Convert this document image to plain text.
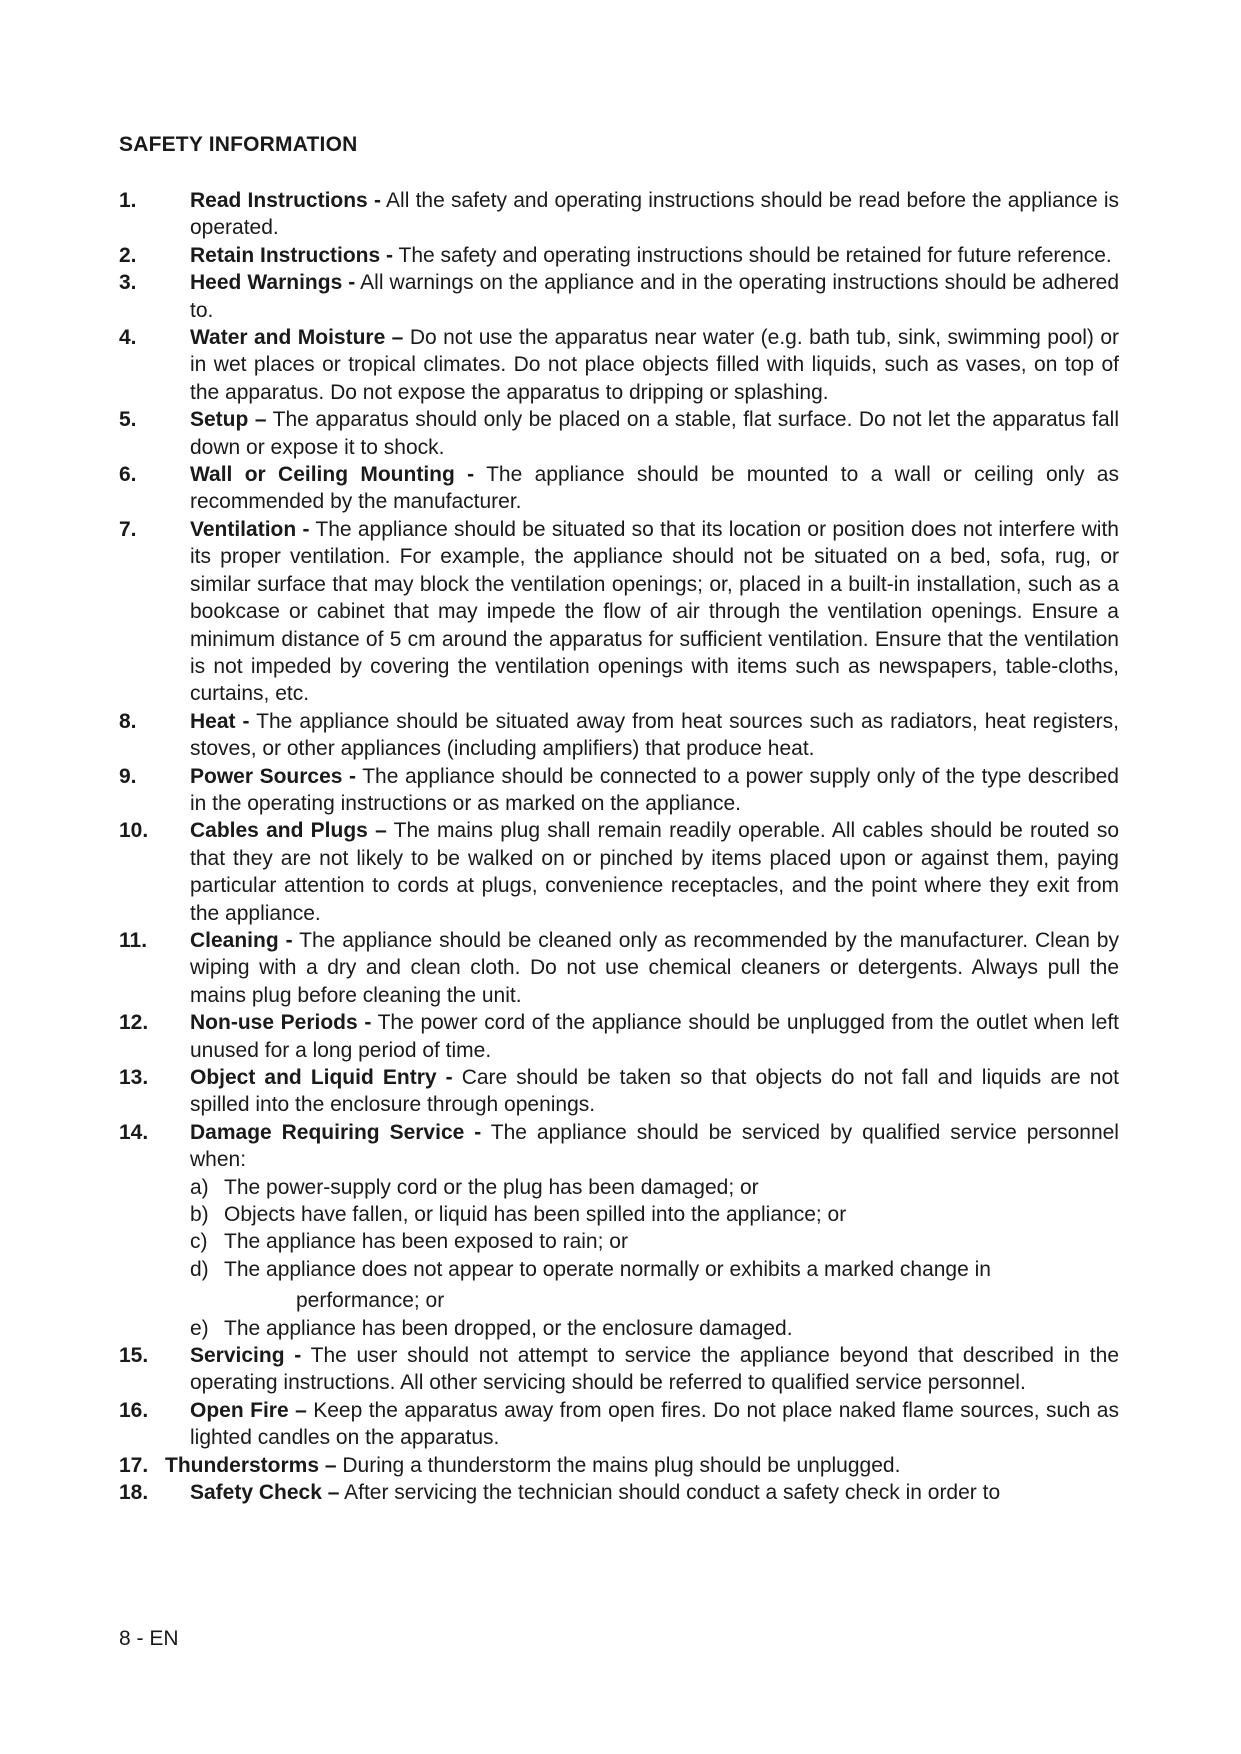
SAFETY INFORMATION
1.	Read Instructions - All the safety and operating instructions should be read before the appliance is operated.
2.	Retain Instructions - The safety and operating instructions should be retained for future reference.
3.	Heed Warnings - All warnings on the appliance and in the operating instructions should be adhered to.
4.	Water and Moisture – Do not use the apparatus near water (e.g. bath tub, sink, swimming pool) or in wet places or tropical climates. Do not place objects filled with liquids, such as vases, on top of the apparatus. Do not expose the apparatus to dripping or splashing.
5.	Setup – The apparatus should only be placed on a stable, flat surface. Do not let the apparatus fall down or expose it to shock.
6.	Wall or Ceiling Mounting - The appliance should be mounted to a wall or ceiling only as recommended by the manufacturer.
7.	Ventilation - The appliance should be situated so that its location or position does not interfere with its proper ventilation. For example, the appliance should not be situated on a bed, sofa, rug, or similar surface that may block the ventilation openings; or, placed in a built-in installation, such as a bookcase or cabinet that may impede the flow of air through the ventilation openings. Ensure a minimum distance of 5 cm around the apparatus for sufficient ventilation. Ensure that the ventilation is not impeded by covering the ventilation openings with items such as newspapers, table-cloths, curtains, etc.
8.	Heat - The appliance should be situated away from heat sources such as radiators, heat registers, stoves, or other appliances (including amplifiers) that produce heat.
9.	Power Sources - The appliance should be connected to a power supply only of the type described in the operating instructions or as marked on the appliance.
10.	Cables and Plugs – The mains plug shall remain readily operable. All cables should be routed so that they are not likely to be walked on or pinched by items placed upon or against them, paying particular attention to cords at plugs, convenience receptacles, and the point where they exit from the appliance.
11.	Cleaning - The appliance should be cleaned only as recommended by the manufacturer. Clean by wiping with a dry and clean cloth. Do not use chemical cleaners or detergents. Always pull the mains plug before cleaning the unit.
12.	Non-use Periods - The power cord of the appliance should be unplugged from the outlet when left unused for a long period of time.
13.	Object and Liquid Entry - Care should be taken so that objects do not fall and liquids are not spilled into the enclosure through openings.
14.	Damage Requiring Service - The appliance should be serviced by qualified service personnel when:
a) The power-supply cord or the plug has been damaged; or
b) Objects have fallen, or liquid has been spilled into the appliance; or
c) The appliance has been exposed to rain; or
d) The appliance does not appear to operate normally or exhibits a marked change in
performance; or
e) The appliance has been dropped, or the enclosure damaged.
15.	Servicing - The user should not attempt to service the appliance beyond that described in the operating instructions. All other servicing should be referred to qualified service personnel.
16.	Open Fire – Keep the apparatus away from open fires. Do not place naked flame sources, such as lighted candles on the apparatus.
17. Thunderstorms – During a thunderstorm the mains plug should be unplugged.
18.	Safety Check – After servicing the technician should conduct a safety check in order to
8 - EN
